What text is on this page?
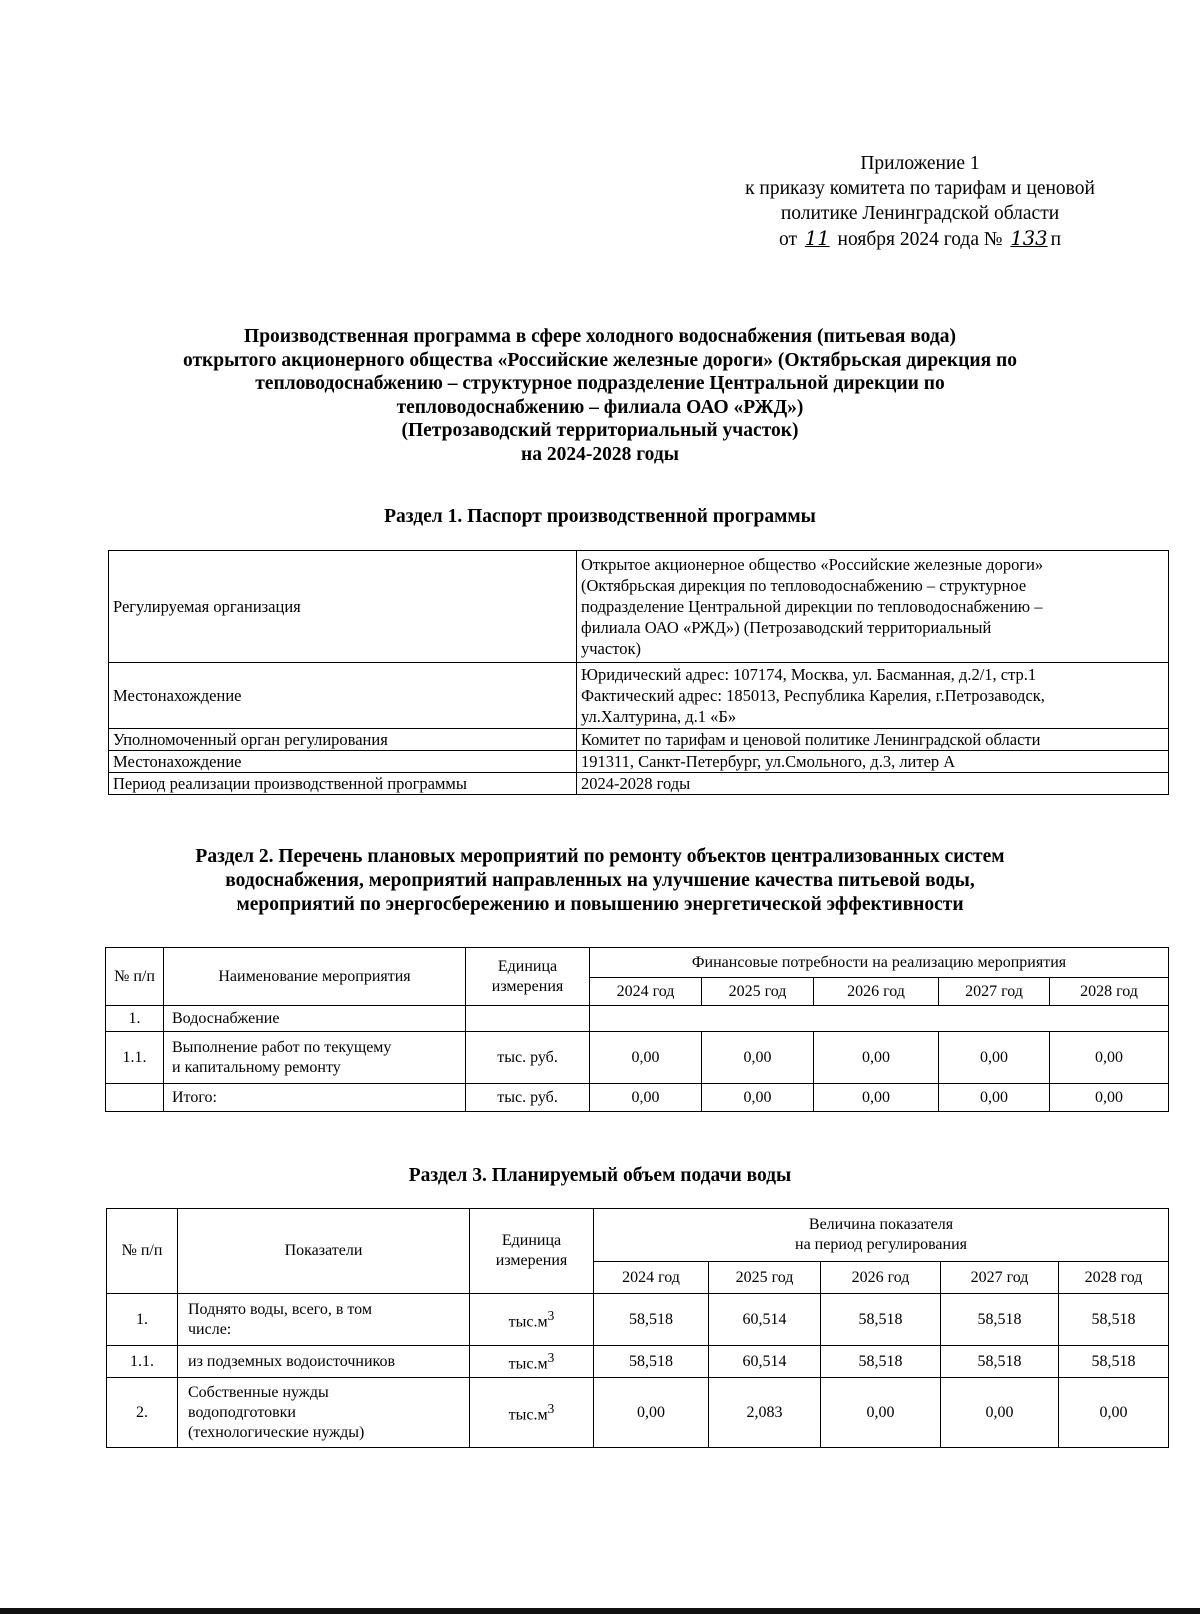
Приложение 1
к приказу комитета по тарифам и ценовой
политике Ленинградской области
от 11 ноября 2024 года № 133 п
Производственная программа в сфере холодного водоснабжения (питьевая вода)
открытого акционерного общества «Российские железные дороги» (Октябрьская дирекция по
тепловодоснабжению – структурное подразделение Центральной дирекции по
тепловодоснабжению – филиала ОАО «РЖД»)
(Петрозаводский территориальный участок)
на 2024-2028 годы
Раздел 1. Паспорт производственной программы
Регулируемая организация	Открытое акционерное общество «Российские железные дороги»
(Октябрьская дирекция по тепловодоснабжению – структурное
подразделение Центральной дирекции по тепловодоснабжению –
филиала ОАО «РЖД») (Петрозаводский территориальный
участок)

Местонахождение	Юридический адрес: 107174, Москва, ул. Басманная, д.2/1, стр.1
Фактический адрес: 185013, Республика Карелия, г.Петрозаводск,
ул.Халтурина, д.1 «Б»

Уполномоченный орган регулирования	Комитет по тарифам и ценовой политике Ленинградской области
Местонахождение	191311, Санкт-Петербург, ул.Смольного, д.3, литер А
Период реализации производственной программы	2024-2028 годы
Раздел 2. Перечень плановых мероприятий по ремонту объектов централизованных систем
водоснабжения, мероприятий направленных на улучшение качества питьевой воды,
мероприятий по энергосбережению и повышению энергетической эффективности
№ п/п	Наименование мероприятия	Единица измерения	Финансовые потребности на реализацию мероприятия				
			2024 год	2025 год	2026 год	2027 год	2028 год
1.	Водоснабжение						
1.1.	Выполнение работ по текущему
и капитальному ремонту	тыс. руб.	0,00	0,00	0,00	0,00	0,00
	Итого:	тыс. руб.	0,00	0,00	0,00	0,00	0,00
Раздел 3. Планируемый объем подачи воды
№ п/п	Показатели	Единица измерения	Величина показателя
на период регулирования				

			2024 год	2025 год	2026 год	2027 год	2028 год
1.	Поднято воды, всего, в том
числе:	$тыс.м^3$	58,518	60,514	58,518	58,518	58,518
1.1.	из подземных водоисточников	$тыс.м^3$	58,518	60,514	58,518	58,518	58,518
2.	Собственные нужды
водоподготовки
(технологические нужды)	$тыс.м^3$	0,00	2,083	0,00	0,00	0,00
